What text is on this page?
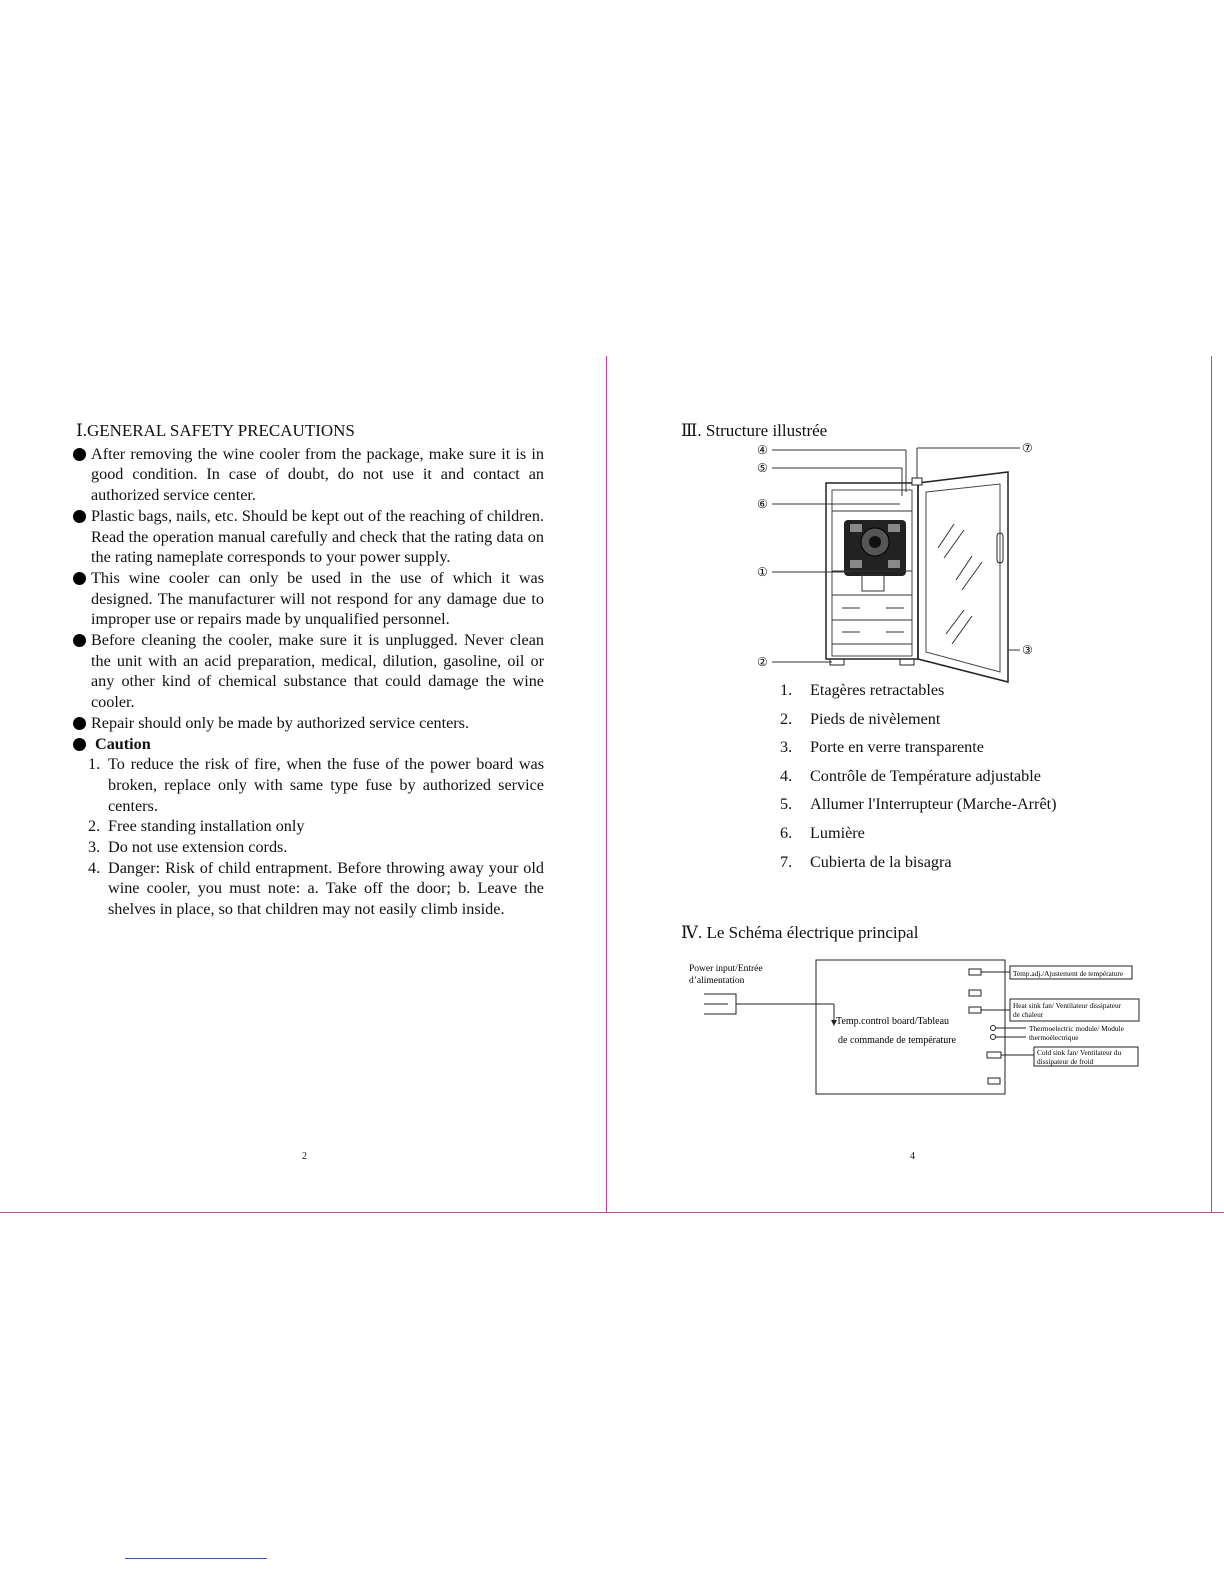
Ⅰ.GENERAL SAFETY PRECAUTIONS
After removing the wine cooler from the package, make sure it is in good condition. In case of doubt, do not use it and contact an authorized service center.
Plastic bags, nails, etc. Should be kept out of the reaching of children. Read the operation manual carefully and check that the rating data on the rating nameplate corresponds to your power supply.
This wine cooler can only be used in the use of which it was designed. The manufacturer will not respond for any damage due to improper use or repairs made by unqualified personnel.
Before cleaning the cooler, make sure it is unplugged. Never clean the unit with an acid preparation, medical, dilution, gasoline, oil or any other kind of chemical substance that could damage the wine cooler.
Repair should only be made by authorized service centers.
Caution
1. To reduce the risk of fire, when the fuse of the power board was broken, replace only with same type fuse by authorized service centers.
2. Free standing installation only
3. Do not use extension cords.
4. Danger: Risk of child entrapment. Before throwing away your old wine cooler, you must note: a. Take off the door; b. Leave the shelves in place, so that children may not easily climb inside.
2
Ⅲ. Structure illustrée
④
⑤
⑥
①
②
⑦
③
1. Etagères retractables
2. Pieds de nivèlement
3. Porte en verre transparente
4. Contrôle de Température adjustable
5. Allumer l'Interrupteur (Marche-Arrêt)
6. Lumière
7. Cubierta de la bisagra
Ⅳ. Le Schéma électrique principal
Power input/Entrée
d’alimentation
Temp.control board/Tableau
de commande de température
Temp.adj./Ajustement de température
Heat sink fan/ Ventilateur dissipateur
de chaleur
Thermoelectric module/ Module
thermoélectrique
Cold sink fan/ Ventilateur du
dissipateur de froid
4
